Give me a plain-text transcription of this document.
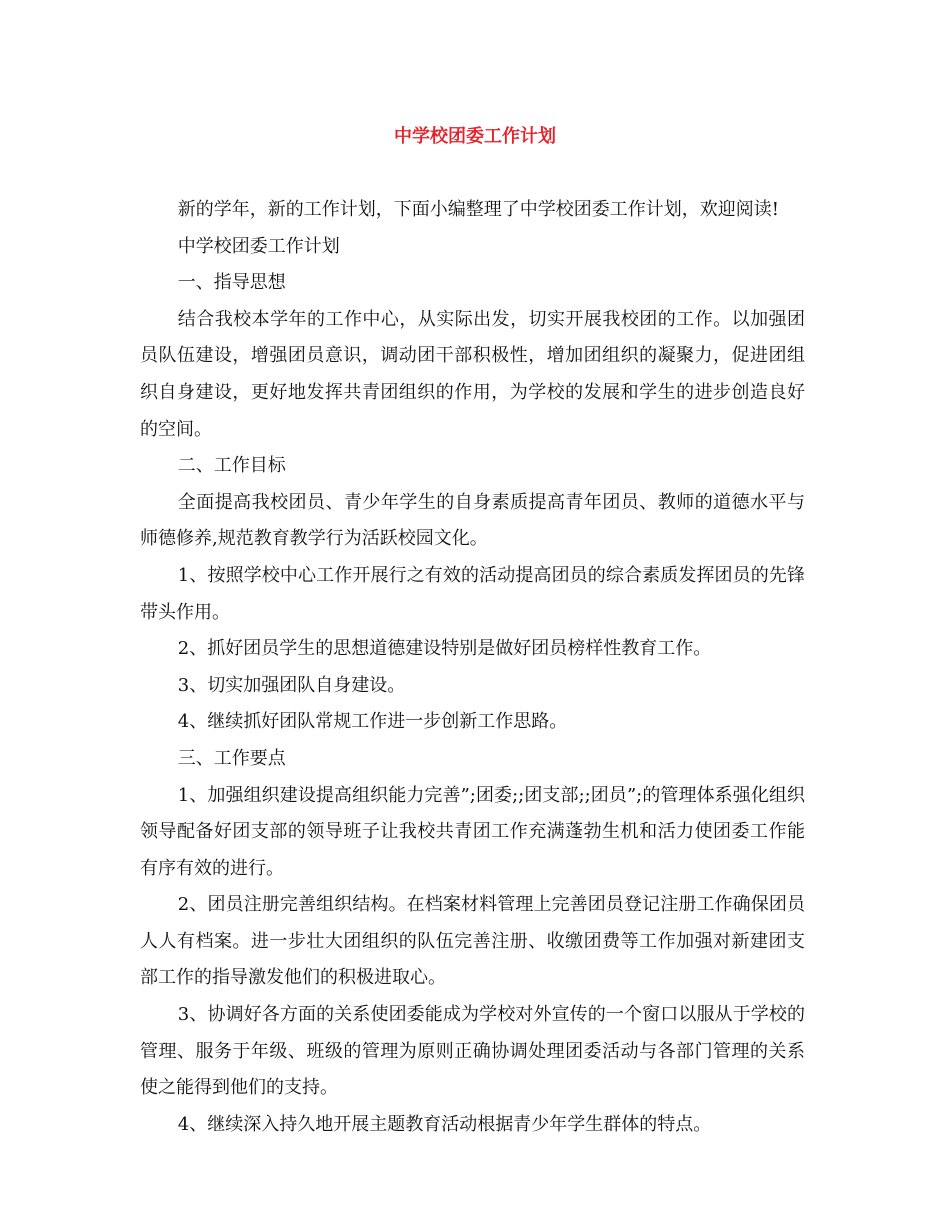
中学校团委工作计划

新的学年，新的工作计划，下面小编整理了中学校团委工作计划，欢迎阅读!

中学校团委工作计划

一、指导思想

结合我校本学年的工作中心，从实际出发，切实开展我校团的工作。以加强团员队伍建设，增强团员意识，调动团干部积极性，增加团组织的凝聚力，促进团组织自身建设，更好地发挥共青团组织的作用，为学校的发展和学生的进步创造良好的空间。

二、工作目标

全面提高我校团员、青少年学生的自身素质提高青年团员、教师的道德水平与师德修养,规范教育教学行为活跃校园文化。

1、按照学校中心工作开展行之有效的活动提高团员的综合素质发挥团员的先锋带头作用。

2、抓好团员学生的思想道德建设特别是做好团员榜样性教育工作。

3、切实加强团队自身建设。

4、继续抓好团队常规工作进一步创新工作思路。

三、工作要点

1、加强组织建设提高组织能力完善”;团委;;团支部;;团员”;的管理体系强化组织领导配备好团支部的领导班子让我校共青团工作充满蓬勃生机和活力使团委工作能有序有效的进行。

2、团员注册完善组织结构。在档案材料管理上完善团员登记注册工作确保团员人人有档案。进一步壮大团组织的队伍完善注册、收缴团费等工作加强对新建团支部工作的指导激发他们的积极进取心。

3、协调好各方面的关系使团委能成为学校对外宣传的一个窗口以服从于学校的管理、服务于年级、班级的管理为原则正确协调处理团委活动与各部门管理的关系使之能得到他们的支持。

4、继续深入持久地开展主题教育活动根据青少年学生群体的特点。
